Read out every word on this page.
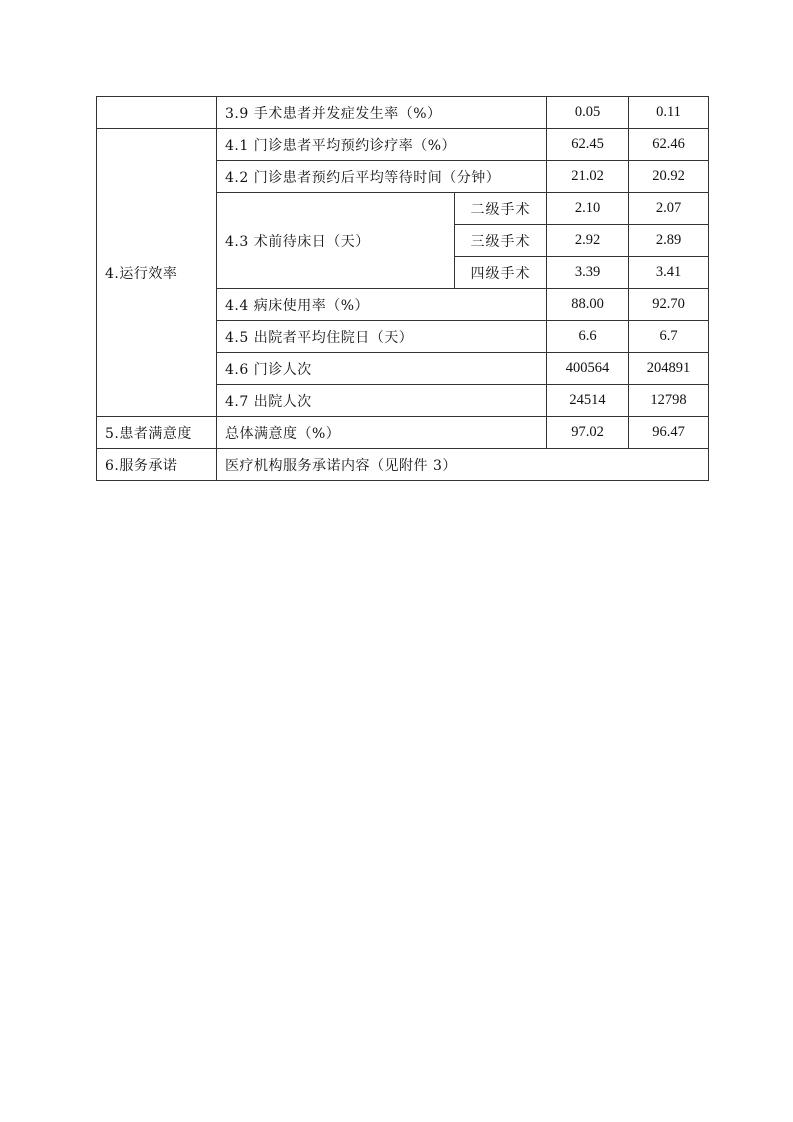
	3.9 手术患者并发症发生率（%）		0.05	0.11
4.运行效率	4.1 门诊患者平均预约诊疗率（%）		62.45	62.46
	4.2 门诊患者预约后平均等待时间（分钟）		21.02	20.92
	4.3 术前待床日（天）	二级手术	2.10	2.07
		三级手术	2.92	2.89
		四级手术	3.39	3.41
	4.4 病床使用率（%）		88.00	92.70
	4.5 出院者平均住院日（天）		6.6	6.7
	4.6 门诊人次		400564	204891
	4.7 出院人次		24514	12798
5.患者满意度	总体满意度（%）		97.02	96.47
6.服务承诺	医疗机构服务承诺内容（见附件 3）			
